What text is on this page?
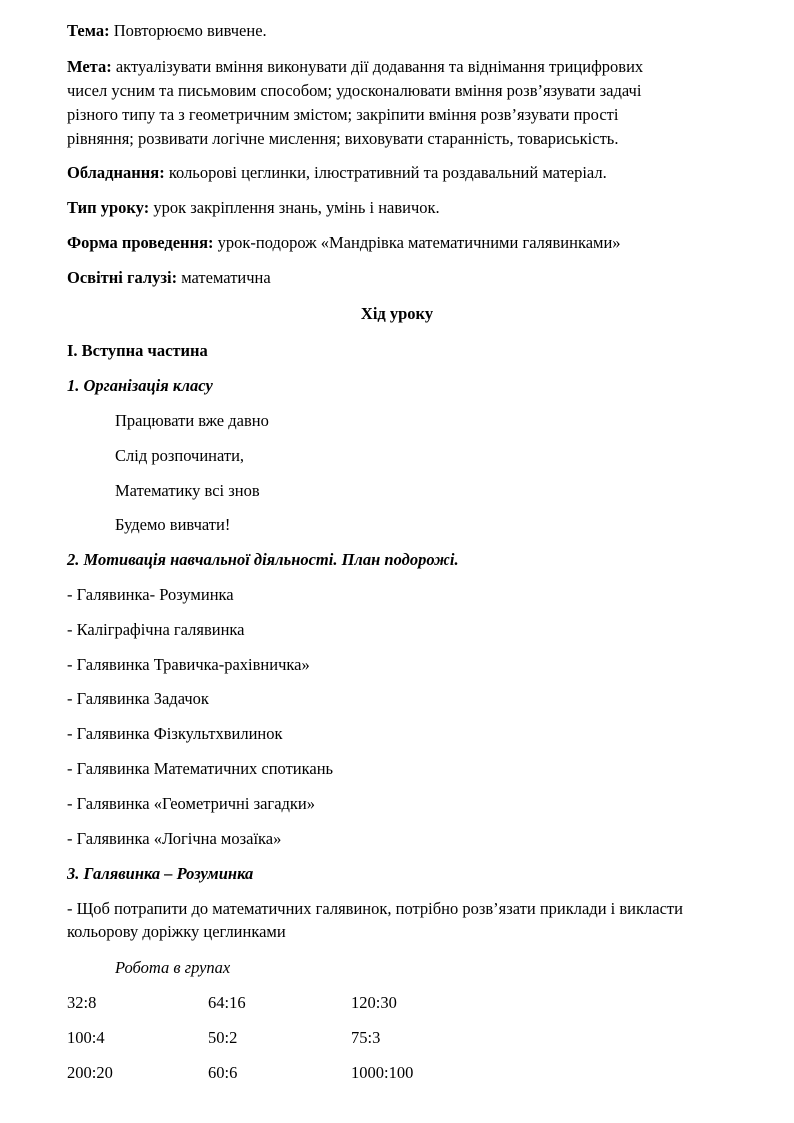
Тема: Повторюємо вивчене.
Мета: актуалізувати вміння виконувати дії додавання та віднімання трицифрових
чисел усним та письмовим способом; удосконалювати вміння розв’язувати задачі
різного типу та з геометричним змістом; закріпити вміння розв’язувати прості
рівняння; розвивати логічне мислення; виховувати старанність, товариськість.
Обладнання: кольорові цеглинки, ілюстративний та роздавальний матеріал.
Тип уроку: урок закріплення знань, умінь і навичок.
Форма проведення: урок-подорож «Мандрівка математичними галявинками»
Освітні галузі: математична
Хід уроку
І. Вступна частина
1. Організація класу
Працювати вже давно
Слід розпочинати,
Математику всі знов
Будемо вивчати!
2. Мотивація навчальної діяльності. План подорожі.
- Галявинка- Розуминка
- Каліграфічна галявинка
- Галявинка Травичка-рахівничка»
- Галявинка Задачок
- Галявинка Фізкультхвилинок
- Галявинка Математичних спотикань
- Галявинка «Геометричні загадки»
- Галявинка «Логічна мозаїка»
3. Галявинка – Розуминка
- Щоб потрапити до математичних галявинок, потрібно розв’язати приклади і викласти
кольорову доріжку цеглинками
Робота в групах
32:8	64:16	120:30
100:4	50:2	75:3
200:20	60:6	1000:100
